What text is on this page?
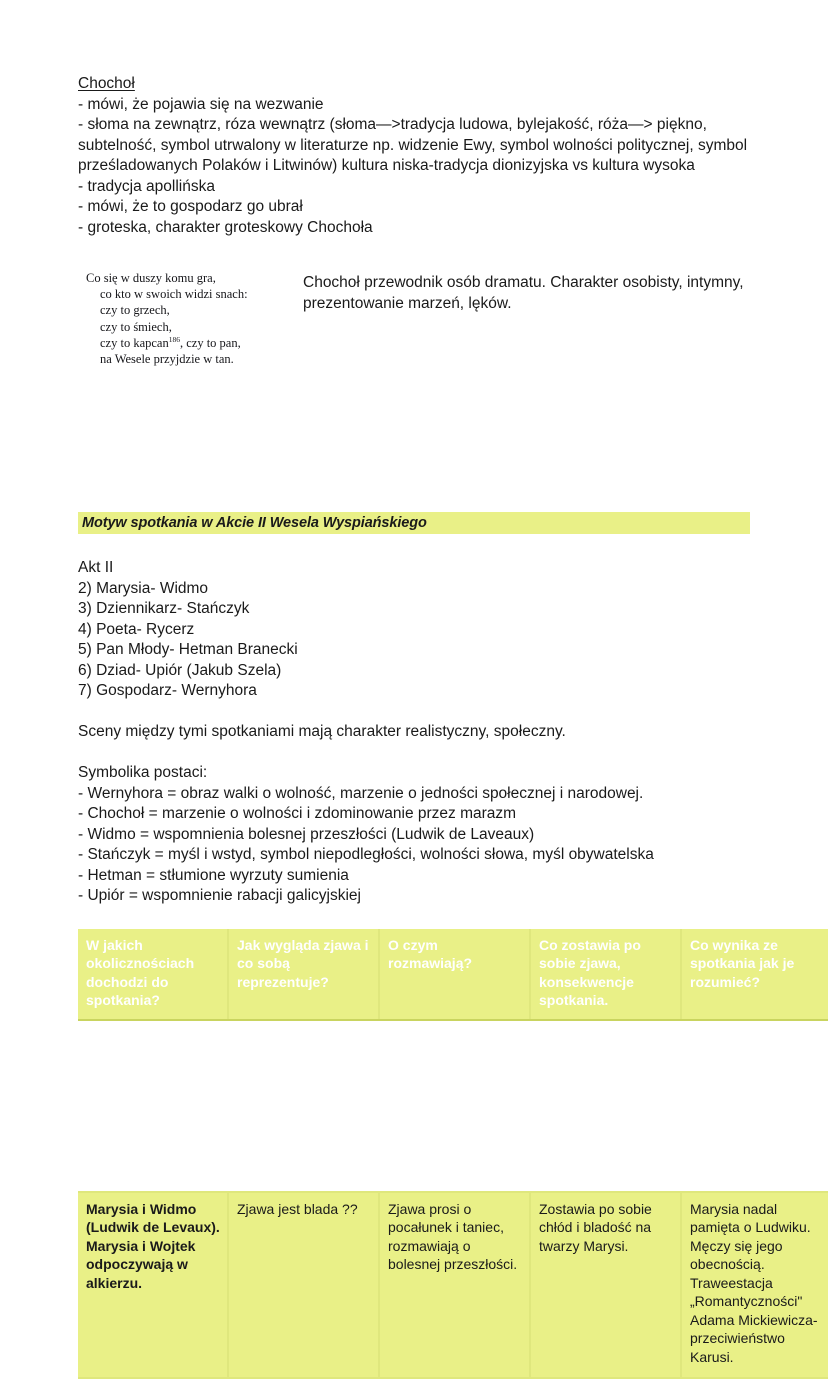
Chochoł
- mówi, że pojawia się na wezwanie
- słoma na zewnątrz, róza wewnątrz (słoma—>tradycja ludowa, bylejakość, róża—> piękno, subtelność, symbol utrwalony w literaturze np. widzenie Ewy, symbol wolności politycznej, symbol prześladowanych Polaków i Litwinów) kultura niska-tradycja dionizyjska vs kultura wysoka
- tradycja apollińska
- mówi, że to gospodarz go ubrał
- groteska, charakter groteskowy Chochoła
Co się w duszy komu gra,
co kto w swoich widzi snach:
czy to grzech,
czy to śmiech,
czy to kapcan$^{186}$, czy to pan,
na Wesele przyjdzie w tan.
Chochoł przewodnik osób dramatu. Charakter osobisty, intymny, prezentowanie marzeń, lęków.
Motyw spotkania w Akcie II Wesela Wyspiańskiego
Akt II
2) Marysia- Widmo
3) Dziennikarz- Stańczyk
4) Poeta- Rycerz
5) Pan Młody- Hetman Branecki
6) Dziad- Upiór (Jakub Szela)
7) Gospodarz- Wernyhora
Sceny między tymi spotkaniami mają charakter realistyczny, społeczny.
Symbolika postaci:
- Wernyhora = obraz walki o wolność, marzenie o jedności społecznej i narodowej.
- Chochoł = marzenie o wolności i zdominowanie przez marazm
- Widmo = wspomnienia bolesnej przeszłości (Ludwik de Laveaux)
- Stańczyk = myśl i wstyd, symbol niepodległości, wolności słowa, myśl obywatelska
- Hetman = stłumione wyrzuty sumienia
- Upiór = wspomnienie rabacji galicyjskiej
W jakich okolicznościach dochodzi do spotkania?	Jak wygląda zjawa i co sobą reprezentuje?	O czym rozmawiają?	Co zostawia po sobie zjawa, konsekwencje spotkania.	Co wynika ze spotkania jak je rozumieć?

Marysia i Widmo (Ludwik de Levaux). Marysia i Wojtek odpoczywają w alkierzu.	Zjawa jest blada ??	Zjawa prosi o pocałunek i taniec, rozmawiają o bolesnej przeszłości.	Zostawia po sobie chłód i bladość na twarzy Marysi.	Marysia nadal pamięta o Ludwiku. Męczy się jego obecnością. Traweestacja „Romantyczności" Adama Mickiewicza-przeciwieństwo Karusi.
